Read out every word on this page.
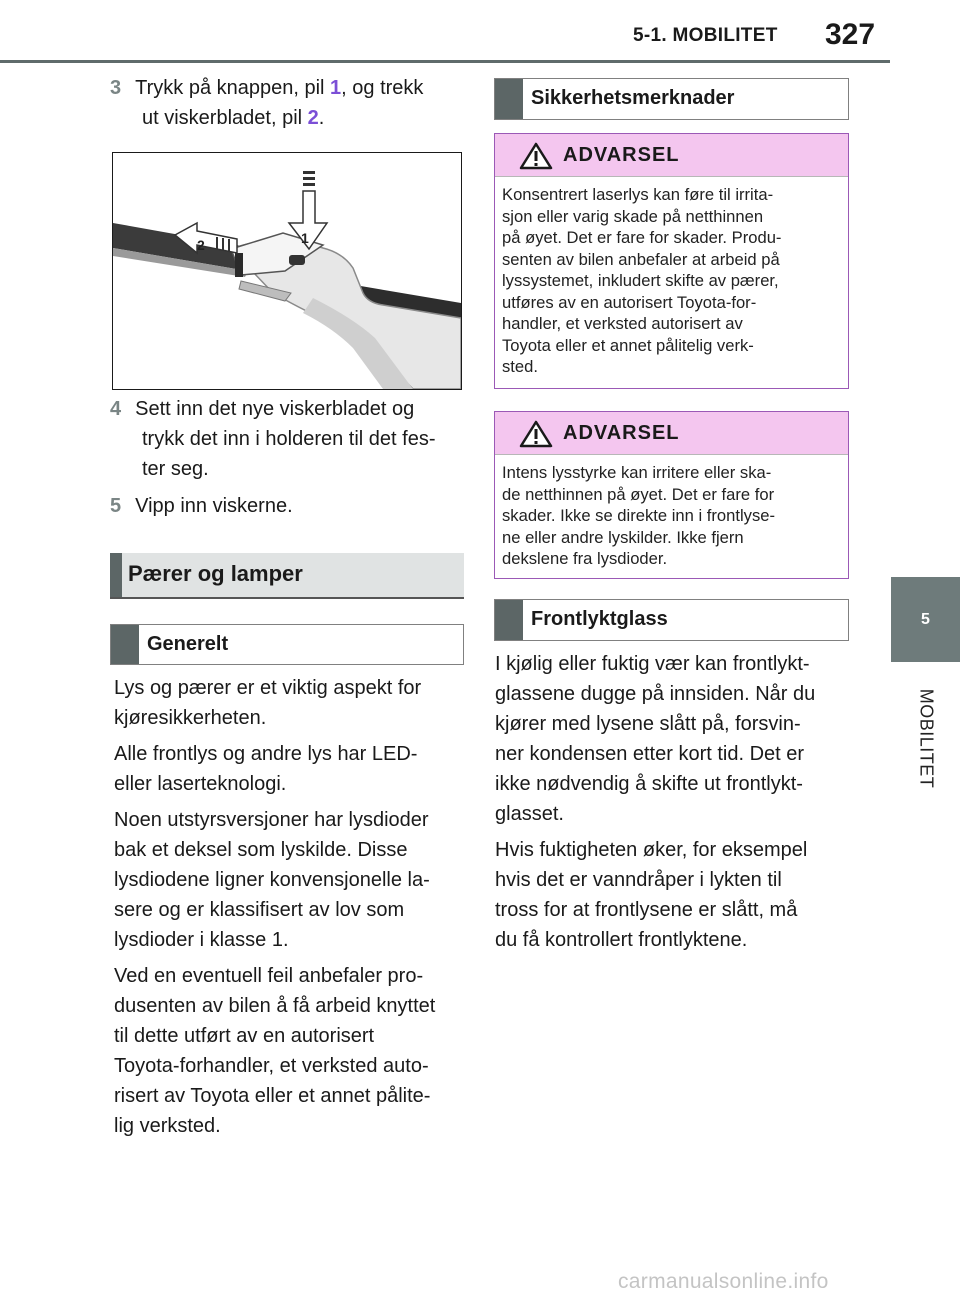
5-1. MOBILITET 327
5
MOBILITET
3 Trykk på knappen, pil 1, og trekk
ut viskerbladet, pil 2.
2	1
4 Sett inn det nye viskerbladet og
trykk det inn i holderen til det fes-
ter seg.
5 Vipp inn viskerne.
Pærer og lamper
Generelt
Lys og pærer er et viktig aspekt for
kjøresikkerheten.
Alle frontlys og andre lys har LED-
eller laserteknologi.
Noen utstyrsversjoner har lysdioder
bak et deksel som lyskilde. Disse
lysdiodene ligner konvensjonelle la-
sere og er klassifisert av lov som
lysdioder i klasse 1.
Ved en eventuell feil anbefaler pro-
dusenten av bilen å få arbeid knyttet
til dette utført av en autorisert
Toyota-forhandler, et verksted auto-
risert av Toyota eller et annet pålite-
lig verksted.
Sikkerhetsmerknader
ADVARSEL
Konsentrert laserlys kan føre til irrita-
sjon eller varig skade på netthinnen
på øyet. Det er fare for skader. Produ-
senten av bilen anbefaler at arbeid på
lyssystemet, inkludert skifte av pærer,
utføres av en autorisert Toyota-for-
handler, et verksted autorisert av
Toyota eller et annet pålitelig verk-
sted.
ADVARSEL
Intens lysstyrke kan irritere eller ska-
de netthinnen på øyet. Det er fare for
skader. Ikke se direkte inn i frontlyse-
ne eller andre lyskilder. Ikke fjern
dekslene fra lysdioder.
Frontlyktglass
I kjølig eller fuktig vær kan frontlykt-
glassene dugge på innsiden. Når du
kjører med lysene slått på, forsvin-
ner kondensen etter kort tid. Det er
ikke nødvendig å skifte ut frontlykt-
glasset.
Hvis fuktigheten øker, for eksempel
hvis det er vanndråper i lykten til
tross for at frontlysene er slått, må
du få kontrollert frontlyktene.
carmanualsonline.info
